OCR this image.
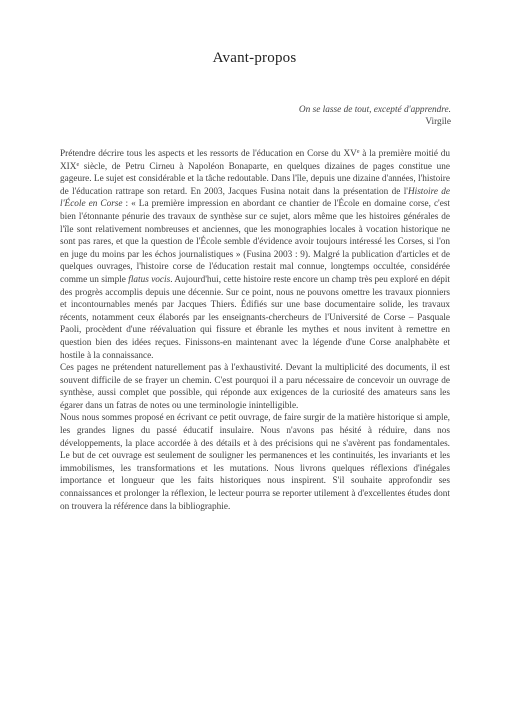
Avant-propos
On se lasse de tout, excepté d'apprendre.
Virgile

Prétendre décrire tous les aspects et les ressorts de l'éducation en Corse du XVe à la première moitié du XIXe siècle, de Petru Cirneu à Napoléon Bonaparte, en quelques dizaines de pages constitue une gageure. Le sujet est considérable et la tâche redoutable. Dans l'île, depuis une dizaine d'années, l'histoire de l'éducation rattrape son retard. En 2003, Jacques Fusina notait dans la présentation de l'Histoire de l'École en Corse : « La première impression en abordant ce chantier de l'École en domaine corse, c'est bien l'étonnante pénurie des travaux de synthèse sur ce sujet, alors même que les histoires générales de l'île sont relativement nombreuses et anciennes, que les monographies locales à vocation historique ne sont pas rares, et que la question de l'École semble d'évidence avoir toujours intéressé les Corses, si l'on en juge du moins par les échos journalistiques » (Fusina 2003 : 9). Malgré la publication d'articles et de quelques ouvrages, l'histoire corse de l'éducation restait mal connue, longtemps occultée, considérée comme un simple flatus vocis. Aujourd'hui, cette histoire reste encore un champ très peu exploré en dépit des progrès accomplis depuis une décennie. Sur ce point, nous ne pouvons omettre les travaux pionniers et incontournables menés par Jacques Thiers. Édifiés sur une base documentaire solide, les travaux récents, notamment ceux élaborés par les enseignants-chercheurs de l'Université de Corse – Pasquale Paoli, procèdent d'une réévaluation qui fissure et ébranle les mythes et nous invitent à remettre en question bien des idées reçues. Finissons-en maintenant avec la légende d'une Corse analphabète et hostile à la connaissance.

Ces pages ne prétendent naturellement pas à l'exhaustivité. Devant la multiplicité des documents, il est souvent difficile de se frayer un chemin. C'est pourquoi il a paru nécessaire de concevoir un ouvrage de synthèse, aussi complet que possible, qui réponde aux exigences de la curiosité des amateurs sans les égarer dans un fatras de notes ou une terminologie inintelligible.

Nous nous sommes proposé en écrivant ce petit ouvrage, de faire surgir de la matière historique si ample, les grandes lignes du passé éducatif insulaire. Nous n'avons pas hésité à réduire, dans nos développements, la place accordée à des détails et à des précisions qui ne s'avèrent pas fondamentales. Le but de cet ouvrage est seulement de souligner les permanences et les continuités, les invariants et les immobilismes, les transformations et les mutations. Nous livrons quelques réflexions d'inégales importance et longueur que les faits historiques nous inspirent. S'il souhaite approfondir ses connaissances et prolonger la réflexion, le lecteur pourra se reporter utilement à d'excellentes études dont on trouvera la référence dans la bibliographie.
